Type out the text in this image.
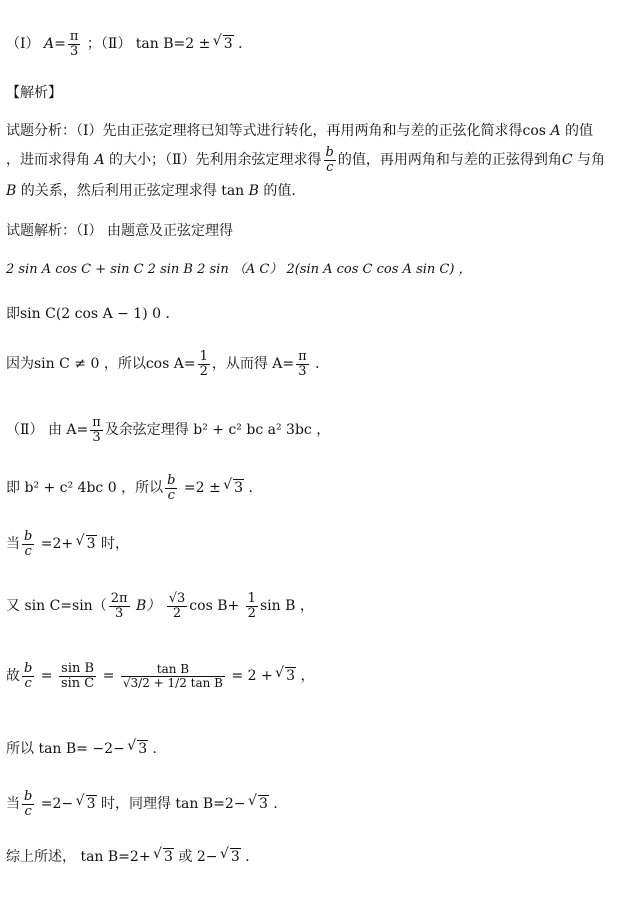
（Ⅰ） $A= \frac{\pi}{3}$ ；（Ⅱ） tan B=2 ± √ 3 ．
【解析】
试题分析：（Ⅰ）先由正弦定理将已知等式进行转化，再用两角和与差的正弦化简求得cos A 的值
，进而求得角 A 的大小；（Ⅱ）先利用余弦定理求得 $\frac{b}{c}$ 的值，再用两角和与差的正弦得到角C 与角
B 的关系，然后利用正弦定理求得 tan B 的值．
试题解析：（Ⅰ） 由题意及正弦定理得
2 sin A cos C + sin C 2 sin B 2 sin （A C） 2(sin A cos C cos A sin C) ，
即sin C(2 cos A − 1) 0 ．
因为sin C ≠ 0 ，所以$\cos A= \frac{1}{2}$ ，从而得 $A= \frac{\pi}{3}$ ．
（Ⅱ） 由 $A= \frac{\pi}{3}$ 及余弦定理得 b² + c² bc a² 3bc ，
即 b² + c² 4bc 0 ，所以 $\frac{b}{c} =2$ ± √ 3 ．
当 $\frac{b}{c} =2+$ √ 3 时，
又 $\sin C=\sin( \frac{2\pi}{3} B) \frac{√3}{2}$ $\cos B+ \frac{1}{2}$ sin B ，
故 $\frac{b}{c} = \frac{\text{sin B}}{\text{sin C}} = \frac{\text{tan B}}{\text{√3/2 + 1/2 tan B}} = 2$ + √ 3 ，
所以 tan B= −2− √ 3 ．
当 $\frac{b}{c} =2-$ √ 3 时，同理得 tan B=2− √ 3 ．
综上所述， tan B=2+ √ 3 或 2− √ 3 ．
